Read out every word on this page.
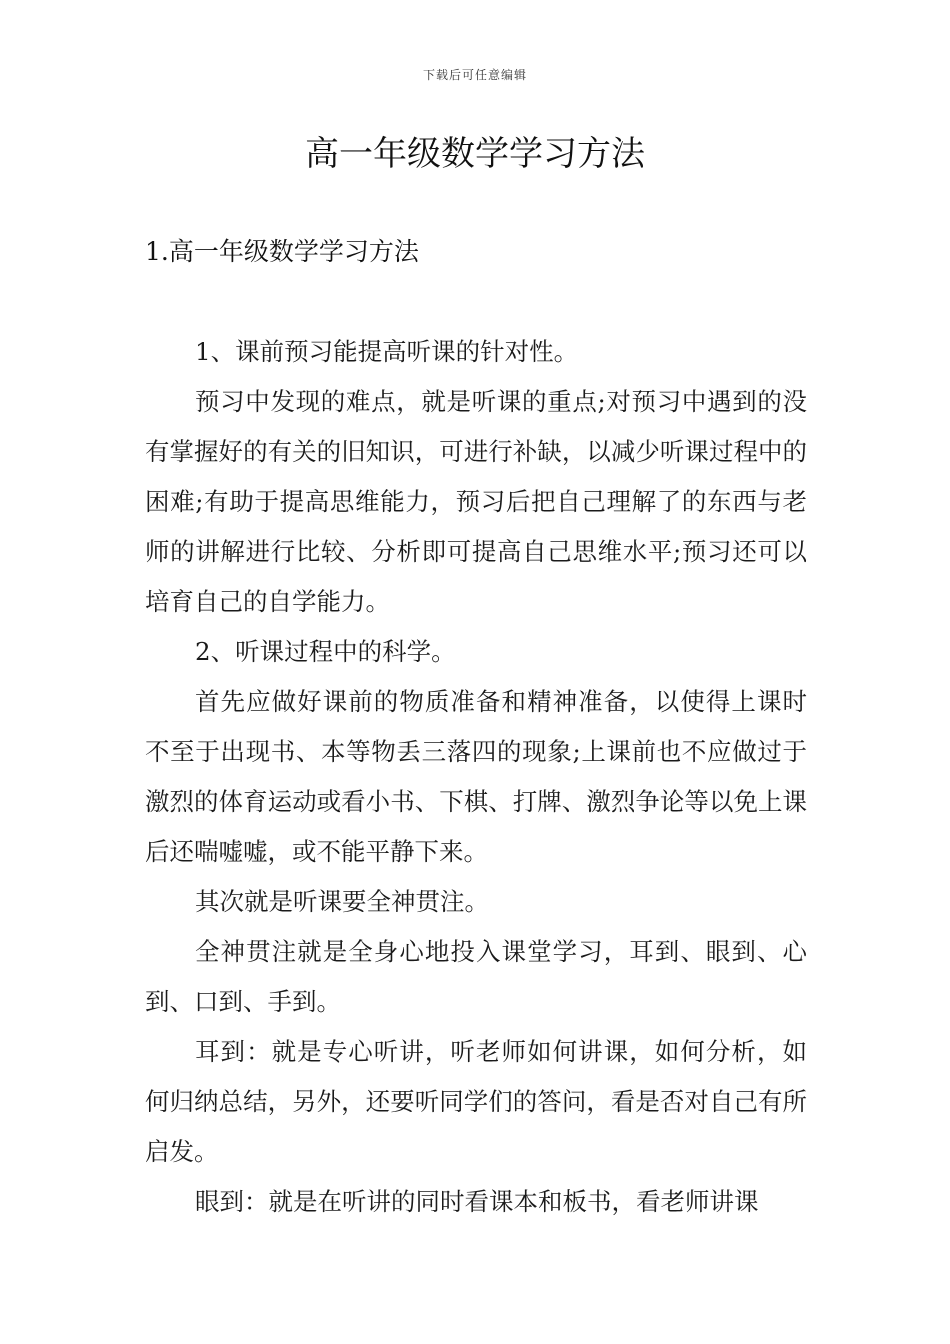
下载后可任意编辑
高一年级数学学习方法
1.高一年级数学学习方法

1、课前预习能提高听课的针对性。

预习中发现的难点，就是听课的重点;对预习中遇到的没有掌握好的有关的旧知识，可进行补缺，以减少听课过程中的困难;有助于提高思维能力，预习后把自己理解了的东西与老师的讲解进行比较、分析即可提高自己思维水平;预习还可以培育自己的自学能力。

2、听课过程中的科学。

首先应做好课前的物质准备和精神准备，以使得上课时不至于出现书、本等物丢三落四的现象;上课前也不应做过于激烈的体育运动或看小书、下棋、打牌、激烈争论等以免上课后还喘嘘嘘，或不能平静下来。

其次就是听课要全神贯注。

全神贯注就是全身心地投入课堂学习，耳到、眼到、心到、口到、手到。

耳到：就是专心听讲，听老师如何讲课，如何分析，如何归纳总结，另外，还要听同学们的答问，看是否对自己有所启发。

眼到：就是在听讲的同时看课本和板书，看老师讲课
